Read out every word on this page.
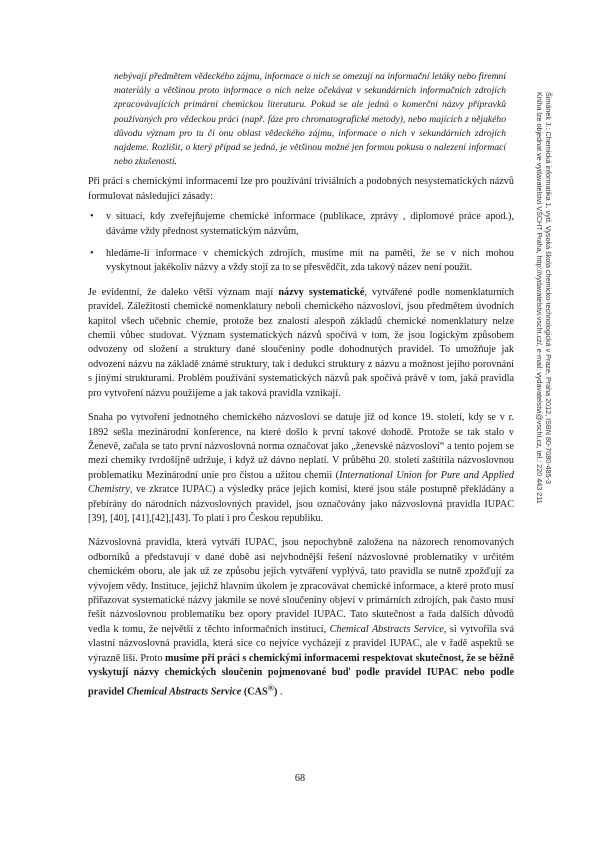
nebývají předmětem vědeckého zájmu, informace o nich se omezují na informační letáky nebo firemní materiály a většinou proto informace o nich nelze očekávat v sekundárních informačních zdrojích zpracovávajících primární chemickou literaturu. Pokud se ale jedná o komerční názvy přípravků používaných pro vědeckou práci (např. fáze pro chromatografické metody), nebo majících z nějakého důvodu význam pro tu či onu oblast vědeckého zájmu, informace o nich v sekundárních zdrojích najdeme. Rozlišit, o který případ se jedná, je většinou možné jen formou pokusu o nalezení informací nebo zkušeností.

Při práci s chemickými informacemi lze pro používání triviálních a podobných nesystematických názvů formulovat následující zásady:

• v situaci, kdy zveřejňujeme chemické informace (publikace, zprávy , diplomové práce apod.), dáváme vždy přednost systematickým názvům,
• hledáme-li informace v chemických zdrojích, musíme mít na paměti, že se v nich mohou vyskytnout jakékoliv názvy a vždy stojí za to se přesvědčit, zda takový název není použit.

Je evidentní, že daleko větší význam mají názvy systematické, vytvářené podle nomenklaturních pravidel. Záležitosti chemické nomenklatury neboli chemického názvosloví, jsou předmětem úvodních kapitol všech učebnic chemie, protože bez znalosti alespoň základů chemické nomenklatury nelze chemii vůbec studovat. Význam systematických názvů spočívá v tom, že jsou logickým způsobem odvozeny od složení a struktury dané sloučeniny podle dohodnutých pravidel. To umožňuje jak odvození názvu na základě známé struktury, tak i dedukci struktury z názvu a možnost jejího porovnání s jinými strukturami. Problém používání systematických názvů pak spočívá právě v tom, jaká pravidla pro vytvoření názvu použijeme a jak taková pravidla vznikají.

Snaha po vytvoření jednotného chemického názvosloví se datuje již od konce 19. století, kdy se v r. 1892 sešla mezinárodní konference, na které došlo k první takové dohodě. Protože se tak stalo v Ženevě, začala se tato první názvoslovná norma označovat jako „ženevské názvosloví“ a tento pojem se mezi chemiky tvrdošíjně udržuje, i když už dávno neplatí. V průběhu 20. století zaštítila názvoslovnou problematiku Mezinárodní unie pro čistou a užitou chemii (International Union for Pure and Applied Chemistry, ve zkratce IUPAC) a výsledky práce jejich komisí, které jsou stále postupně překládány a přebírány do národních názvoslovných pravidel, jsou označovány jako názvoslovná pravidla IUPAC [39], [40], [41],[42],[43]. To platí i pro Českou republiku.

Názvoslovná pravidla, která vytváří IUPAC, jsou nepochybně založena na názorech renomovaných odborníků a představují v dané době asi nejvhodnější řešení názvoslovné problematiky v určitém chemickém oboru, ale jak už ze způsobu jejich vytváření vyplývá, tato pravidla se nutně zpožďují za vývojem vědy. Instituce, jejichž hlavním úkolem je zpracovávat chemické informace, a které proto musí přiřazovat systematické názvy jakmile se nové sloučeniny objeví v primárních zdrojích, pak často musí řešit názvoslovnou problematiku bez opory pravidel IUPAC. Tato skutečnost a řada dalších důvodů vedla k tomu, že největší z těchto informačních institucí, Chemical Abstracts Service, si vytvořila svá vlastní názvoslovná pravidla, která sice co nejvíce vycházejí z pravidel IUPAC, ale v řadě aspektů se výrazně liší. Proto musíme při práci s chemickými informacemi respektovat skutečnost, že se běžně vyskytují názvy chemických sloučenin pojmenované buď podle pravidel IUPAC nebo podle pravidel Chemical Abstracts Service (CAS®) .

68
Šimánek J.: Chemická informatika 1. vyd. Vysoká škola chemicko-technologická v Praze, Praha 2012, ISBN 80-7080-485-3
Kniha lze objednat ve vydavatelství VŠCHT Praha, http://vydavatelstvi.vscht.cz/, e-mail: vydavatelstvi@vscht.cz, tel.: 220 443 211
